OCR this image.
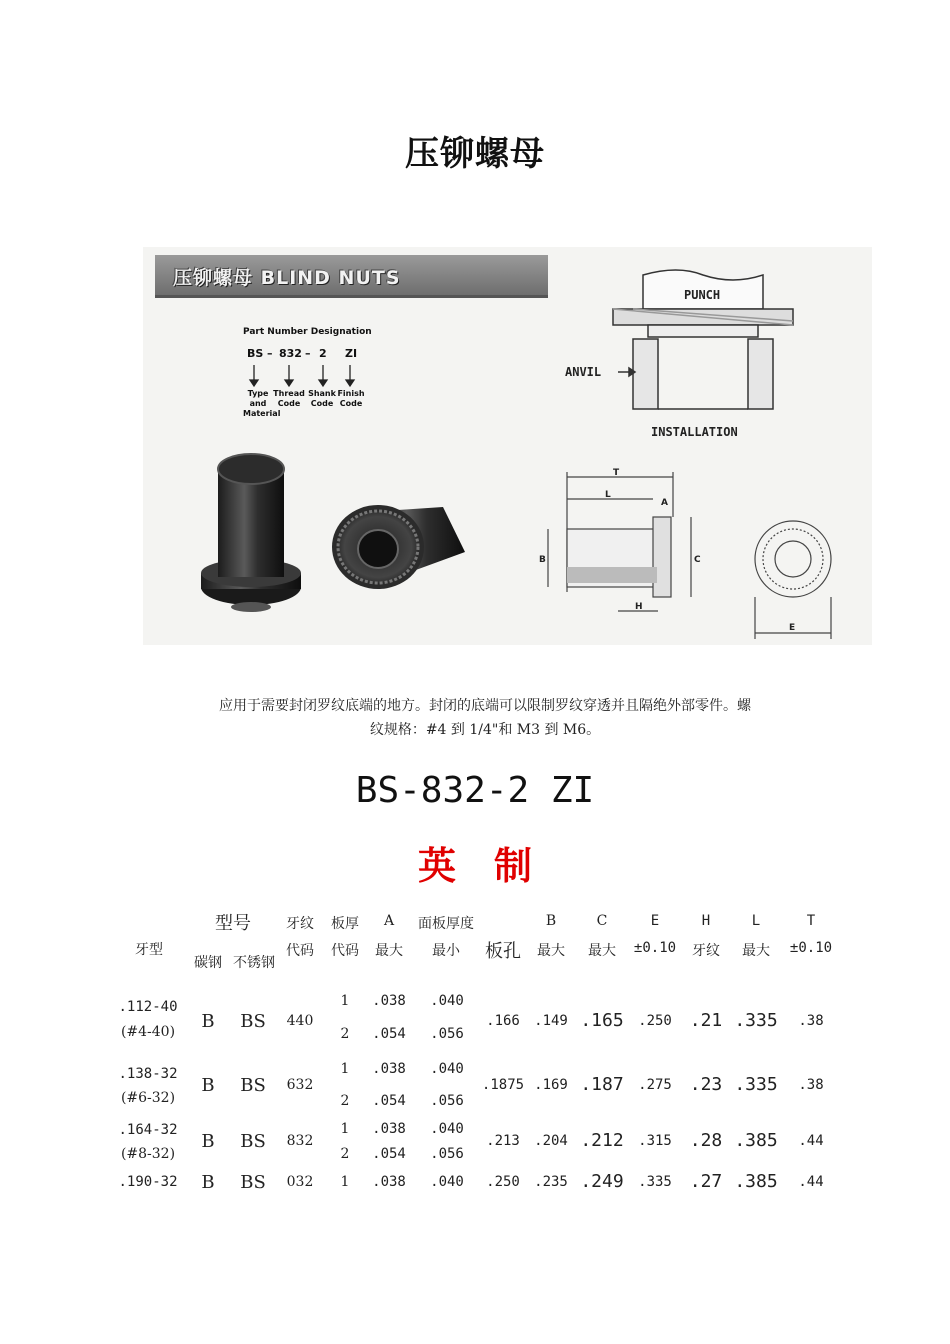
压铆螺母
压铆螺母 BLIND NUTS
Part Number Designation
BS – 832 – 2 ZI
PUNCH
ANVIL
INSTALLATION
T
L
A
B	C
H
E
Type and Material
Thread Code
Shank Code
Finish Code
应用于需要封闭罗纹底端的地方。封闭的底端可以限制罗纹穿透并且隔绝外部零件。螺
纹规格：#4 到 1/4"和 M3 到 M6。
BS-832-2 ZI
英制
牙型
型号
碳钢 不锈钢
牙纹
代码
板厚
代码
A
最大
面板厚度
最小 板孔
B
最大
C
最大
E
±0.10
H
牙纹
L
最大
T
±0.10
.112-40
(#4-40) B BS 440
1
2
.038
.054
.040
.056
.166 .149 .165 .250 .21 .335 .38
.138-32
(#6-32)
B BS 632
1
2
.038
.054
.040
.056
.1875 .169 .187 .275 .23 .335 .38
.164-32
(#8-32)
B BS 832
1
2
.038
.054
.040
.056
.213 .204 .212 .315 .28 .385 .44
.190-32 B BS 032 1 .038 .040 .250 .235 .249 .335 .27 .385 .44
